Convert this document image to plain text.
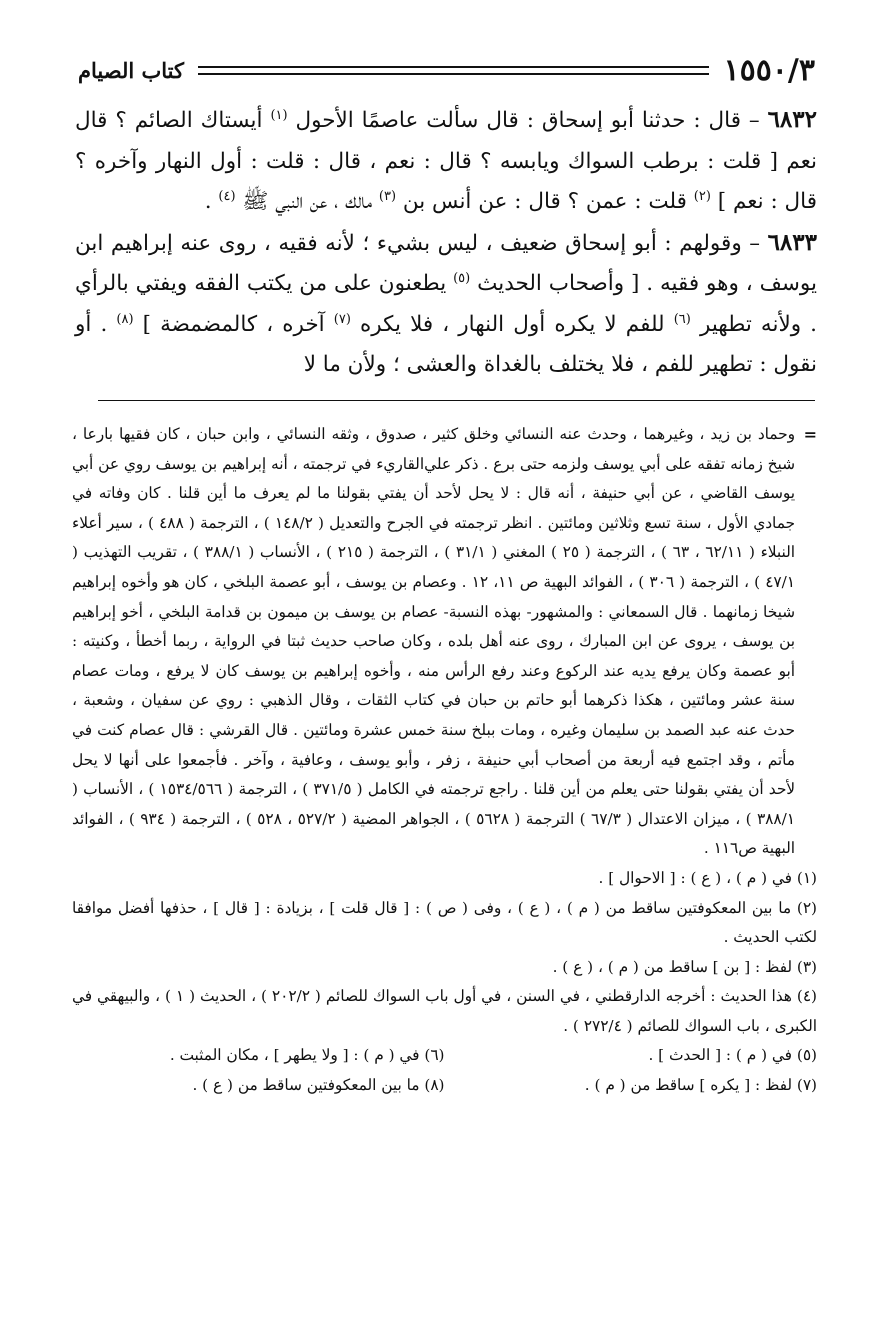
١٥٥٠/٣
كتاب الصيام

٦٨٣٢ – قال : حدثنا أبو إسحاق : قال سألت عاصمًا الأحول $^{(١)}$ أيستاك الصائم ؟ قال نعم [ قلت : برطب السواك ويابسه ؟ قال : نعم ، قال : قلت : أول النهار وآخره ؟ قال : نعم ] $^{(٢)}$ قلت : عمن ؟ قال : عن أنس بن $^{(٣)}$ مالك ، عن النبي ﷺ $^{(٤)}$ .

٦٨٣٣ – وقولهم : أبو إسحاق ضعيف ، ليس بشيء ؛ لأنه فقيه ، روى عنه إبراهيم ابن يوسف ، وهو فقيه . [ وأصحاب الحديث $^{(٥)}$ يطعنون على من يكتب الفقه ويفتي بالرأي . ولأنه تطهير $^{(٦)}$ للفم لا يكره أول النهار ، فلا يكره $^{(٧)}$ آخره ، كالمضمضة ] $^{(٨)}$ . أو نقول : تطهير للفم ، فلا يختلف بالغداة والعشى ؛ ولأن ما لا

=

وحماد بن زيد ، وغيرهما ، وحدث عنه النسائي وخلق كثير ، صدوق ، وثقه النسائي ، وابن حبان ، كان فقيها بارعا ، شيخ زمانه تفقه على أبي يوسف ولزمه حتى برع . ذكر علي‌القاريء في ترجمته ، أنه إبراهيم بن يوسف روي عن أبي يوسف القاضي ، عن أبي حنيفة ، أنه قال : لا يحل لأحد أن يفتي بقولنا ما لم يعرف ما أين قلنا . كان وفاته في جمادي الأول ، سنة تسع وثلاثين ومائتين . انظر ترجمته في الجرح والتعديل ( ١٤٨/٢ ) ، الترجمة ( ٤٨٨ ) ، سير أعلاء النبلاء ( ٦٢/١١ ، ٦٣ ) ، الترجمة ( ٢٥ ) المغني ( ٣١/١ ) ، الترجمة ( ٢١٥ ) ، الأنساب ( ٣٨٨/١ ) ، تقريب التهذيب ( ٤٧/١ ) ، الترجمة ( ٣٠٦ ) ، الفوائد البهية ص ١١، ١٢ . وعصام بن يوسف ، أبو عصمة البلخي ، كان هو وأخوه إبراهيم شيخا زمانهما . قال السمعاني : والمشهور- بهذه النسبة- عصام بن يوسف بن ميمون بن قدامة البلخي ، أخو إبراهيم بن يوسف ، يروى عن ابن المبارك ، روى عنه أهل بلده ، وكان صاحب حديث ثبتا في الرواية ، ربما أخطأ ، وكنيته : أبو عصمة وكان يرفع يديه عند الركوع وعند رفع الرأس منه ، وأخوه إبراهيم بن يوسف كان لا يرفع ، ومات عصام سنة عشر ومائتين ، هكذا ذكرهما أبو حاتم بن حبان في كتاب الثقات ، وقال الذهبي : روي عن سفيان ، وشعبة ، حدث عنه عبد الصمد بن سليمان وغيره ، ومات ببلخ سنة خمس عشرة ومائتين . قال القرشي : قال عصام كنت في مأتم ، وقد اجتمع فيه أربعة من أصحاب أبي حنيفة ، زفر ، وأبو يوسف ، وعافية ، وآخر . فأجمعوا على أنها لا يحل لأحد أن يفتي بقولنا حتى يعلم من أين قلنا . راجع ترجمته في الكامل ( ٣٧١/٥ ) ، الترجمة ( ١٥٣٤/٥٦٦ ) ، الأنساب ( ٣٨٨/١ ) ، ميزان الاعتدال ( ٦٧/٣ ) الترجمة ( ٥٦٢٨ ) ، الجواهر المضية ( ٥٢٧/٢ ، ٥٢٨ ) ، الترجمة ( ٩٣٤ ) ، الفوائد البهية ص١١٦ .

(١) في ( م ) ، ( ع ) : [ الاحوال ] .

(٢) ما بين المعكوفتين ساقط من ( م ) ، ( ع ) ، وفى ( ص ) : [ قال قلت ] ، بزيادة : [ قال ] ، حذفها أفضل موافقا لكتب الحديث .

(٣) لفظ : [ بن ] ساقط من ( م ) ، ( ع ) .

(٤) هذا الحديث : أخرجه الدارقطني ، في السنن ، في أول باب السواك للصائم ( ٢٠٢/٢ ) ، الحديث ( ١ ) ، والبيهقي في الكبرى ، باب السواك للصائم ( ٢٧٢/٤ ) .

(٥) في ( م ) : [ الحدث ] .
(٦) في ( م ) : [ ولا يطهر ] ، مكان المثبت .
(٧) لفظ : [ يكره ] ساقط من ( م ) .
(٨) ما بين المعكوفتين ساقط من ( ع ) .
